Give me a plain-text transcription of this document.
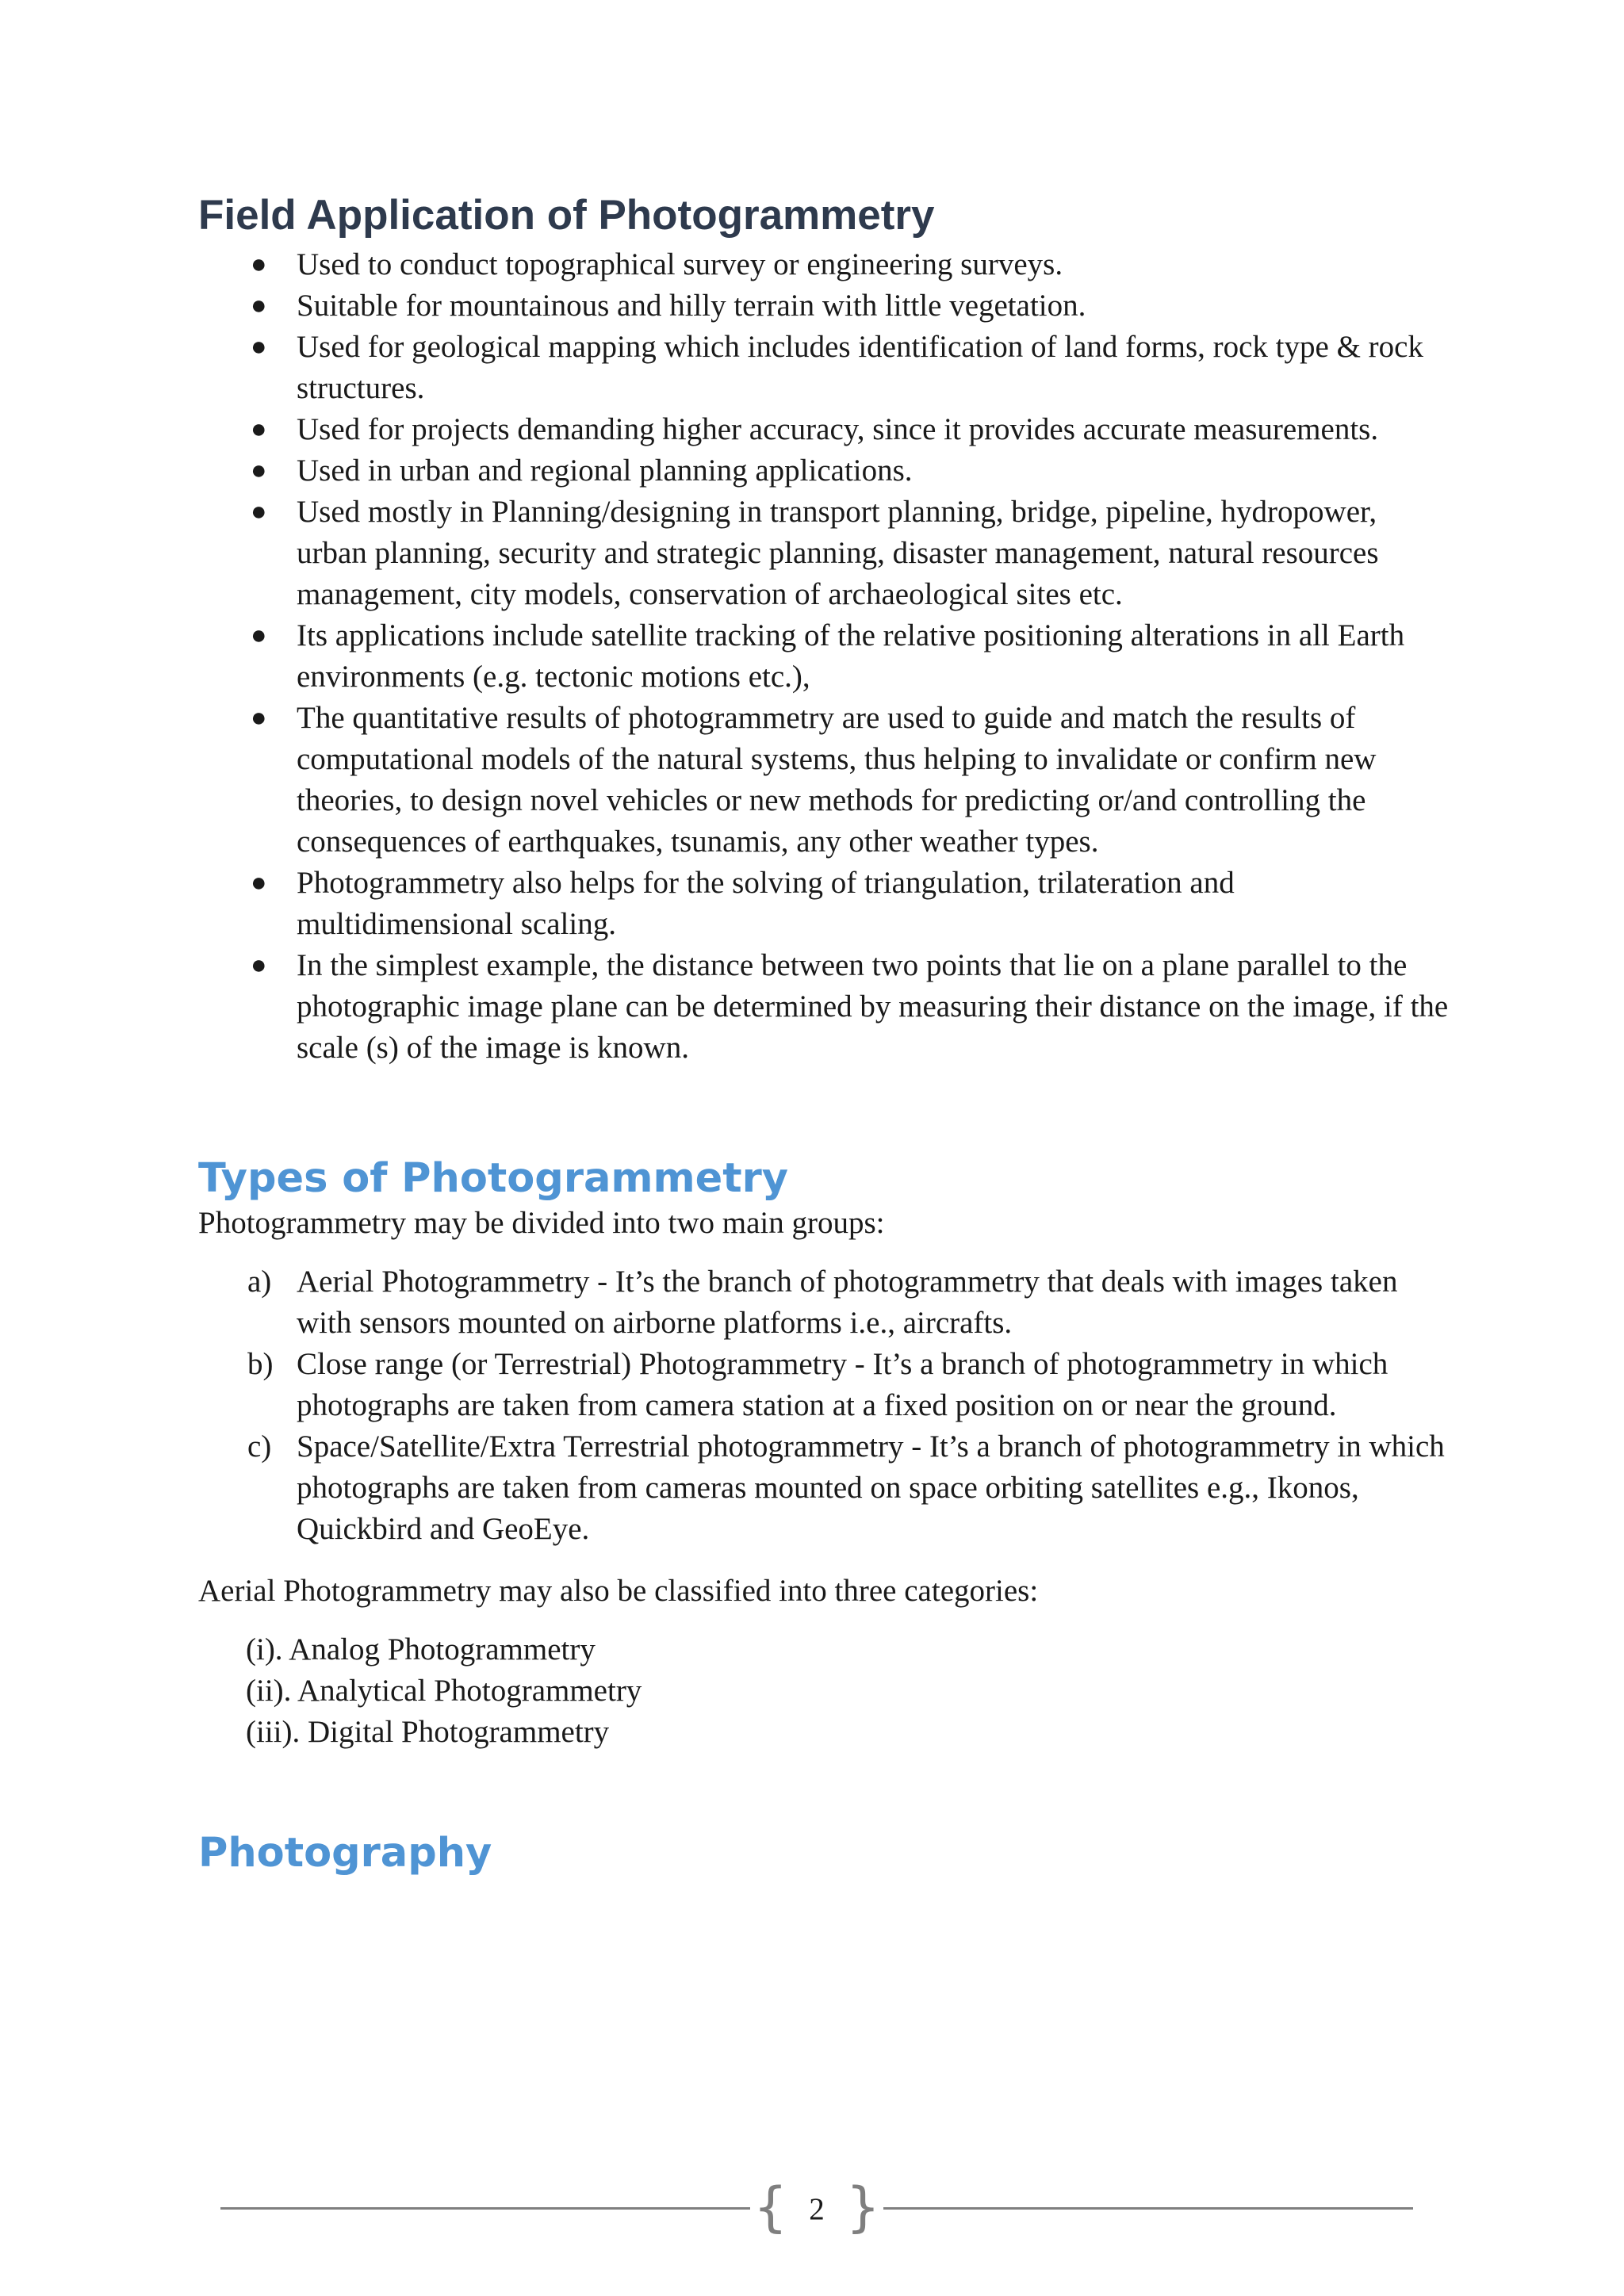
Field Application of Photogrammetry
● Used to conduct topographical survey or engineering surveys.
● Suitable for mountainous and hilly terrain with little vegetation.
● Used for geological mapping which includes identification of land forms, rock type & rock structures.
● Used for projects demanding higher accuracy, since it provides accurate measurements.
● Used in urban and regional planning applications.
● Used mostly in Planning/designing in transport planning, bridge, pipeline, hydropower, urban planning, security and strategic planning, disaster management, natural resources management, city models, conservation of archaeological sites etc.
● Its applications include satellite tracking of the relative positioning alterations in all Earth environments (e.g. tectonic motions etc.),
● The quantitative results of photogrammetry are used to guide and match the results of computational models of the natural systems, thus helping to invalidate or confirm new theories, to design novel vehicles or new methods for predicting or/and controlling the consequences of earthquakes, tsunamis, any other weather types.
● Photogrammetry also helps for the solving of triangulation, trilateration and multidimensional scaling.
● In the simplest example, the distance between two points that lie on a plane parallel to the photographic image plane can be determined by measuring their distance on the image, if the scale (s) of the image is known.
Types of Photogrammetry

Photogrammetry may be divided into two main groups:

a) Aerial Photogrammetry - It’s the branch of photogrammetry that deals with images taken with sensors mounted on airborne platforms i.e., aircrafts.
b) Close range (or Terrestrial) Photogrammetry - It’s a branch of photogrammetry in which photographs are taken from camera station at a fixed position on or near the ground.
c) Space/Satellite/Extra Terrestrial photogrammetry - It’s a branch of photogrammetry in which photographs are taken from cameras mounted on space orbiting satellites e.g., Ikonos, Quickbird and GeoEye.

Aerial Photogrammetry may also be classified into three categories:

(i). Analog Photogrammetry
(ii). Analytical Photogrammetry
(iii). Digital Photogrammetry
Photography
{ 2 }
